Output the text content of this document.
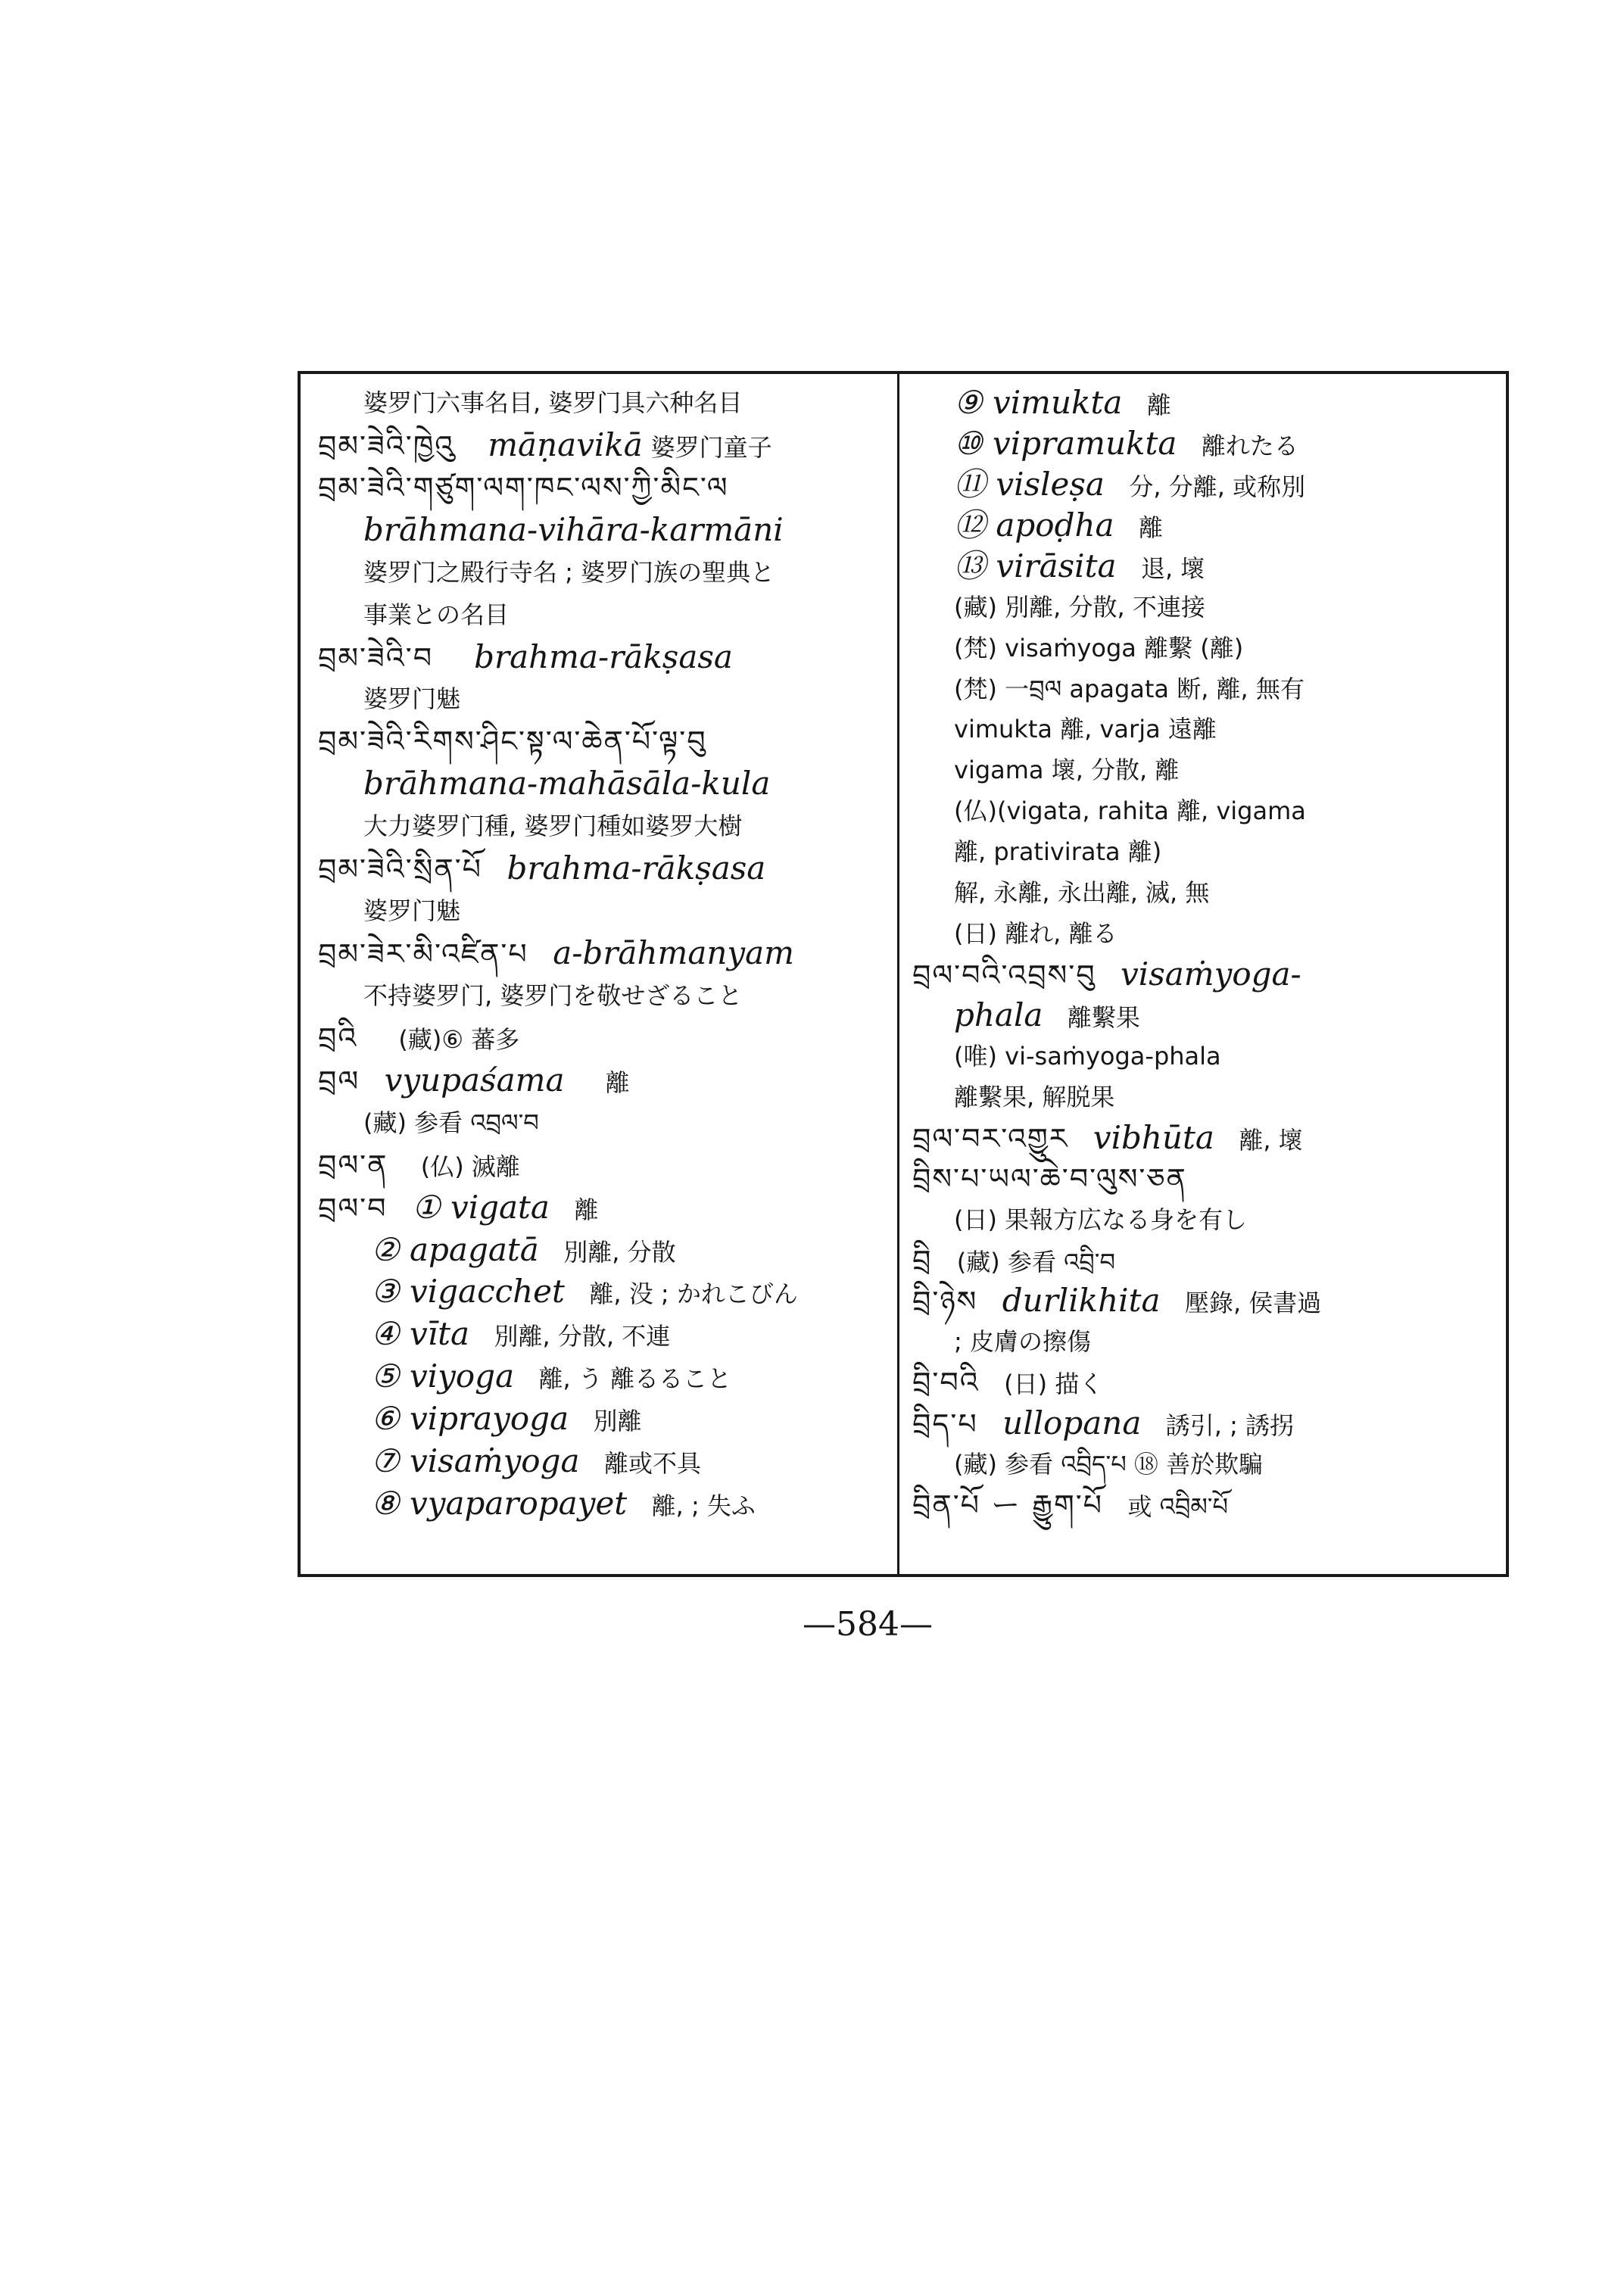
婆罗门六事名目, 婆罗门具六种名目
བྲམ་ཟེའི་ཁྱེའུ māṇavikā 婆罗门童子
བྲམ་ཟེའི་གཙུག་ལག་ཁང་ལས་ཀྱི་མིང་ལ
brāhmana-vihāra-karmāni
婆罗门之殿行寺名 ; 婆罗门族の聖典と
事業との名目
བྲམ་ཟེའི་བ brahma-rākṣasa
婆罗门魅
བྲམ་ཟེའི་རིགས་ཤིང་སྟ་ལ་ཆེན་པོ་ལྟ་བུ
brāhmana-mahāsāla-kula
大力婆罗门種, 婆罗门種如婆罗大樹
བྲམ་ཟེའི་སྲིན་པོ brahma-rākṣasa
婆罗门魅
བྲམ་ཟེར་མི་འཛིན་པ a-brāhmanyam
不持婆罗门, 婆罗门を敬せざること
བྲའི (藏)⑥ 蕃多
བྲལ vyupaśama 離
(藏) 参看 འབྲལ་བ
བྲལ་ན (仏) 滅離
བྲལ་བ ① vigata 離
② apagatā 別離, 分散
③ vigacchet 離, 没 ; かれこびん
④ vīta 別離, 分散, 不連
⑤ viyoga 離, う 離るること
⑥ viprayoga 別離
⑦ visaṁyoga 離或不具
⑧ vyaparopayet 離, ; 失ふ
—584—
⑨ vimukta 離
⑩ vipramukta 離れたる
⑪ visleṣa 分, 分離, 或称別
⑫ apoḍha 離
⑬ virāsita 退, 壞
(藏) 別離, 分散, 不連接
(梵) visaṁyoga 離繫 (離)
(梵) 一བྲལ apagata 断, 離, 無有
vimukta 離, varja 遠離
vigama 壞, 分散, 離
(仏)(vigata, rahita 離, vigama
離, prativirata 離)
解, 永離, 永出離, 滅, 無
(日) 離れ, 離る
བྲལ་བའི་འབྲས་བུ visaṁyoga-
phala 離繫果
(唯) vi-saṁyoga-phala
離繫果, 解脱果
བྲལ་བར་འགྱུར vibhūta 離, 壞
བྲིས་པ་ཡལ་ཆེ་བ་ལུས་ཅན
(日) 果報方広なる身を有し
བྲི (藏) 参看 འབྲི་བ
བྲི་ཉེས durlikhita 壓錄, 侯書過
; 皮膚の擦傷
བྲི་བའི (日) 描く
བྲིད་པ ullopana 誘引, ; 誘拐
(藏) 参看 འབྲིད་པ ⑱ 善於欺騙
བྲིན་པོ ー རྒྱུག་པོ 或 འབྲིམ་པོ
